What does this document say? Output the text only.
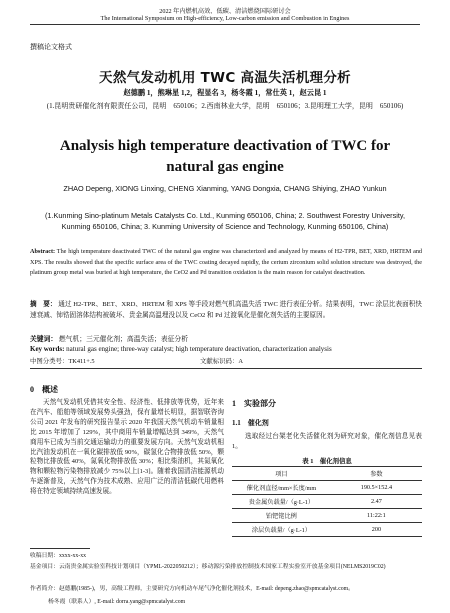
2022 年内燃机高效、低碳、清洁燃烧国际研讨会
The International Symposium on High-efficiency, Low-carbon emission and Combustion in Engines
撰稿论文格式
天然气发动机用 TWC 高温失活机理分析
赵德鹏 1，熊琳星 1,2，程显名 3，杨冬霞 1，常仕英 1，赵云昆 1
(1.昆明贵研催化剂有限责任公司，昆明　650106；2.西南林业大学，昆明　650106；3.昆明理工大学，昆明　650106)
Analysis high temperature deactivation of TWC for natural gas engine
ZHAO Depeng, XIONG Linxing, CHENG Xianming, YANG Dongxia, CHANG Shiying, ZHAO Yunkun
(1.Kunming Sino-platinum Metals Catalysts Co. Ltd., Kunming 650106, China; 2. Southwest Forestry University, Kunming 650106, China; 3. Kunming University of Science and Technology, Kunming 650106, China)
Abstract: The high temperature deactivated TWC of the natural gas engine was characterized and analyzed by means of H2-TPR, BET, XRD, HRTEM and XPS. The results showed that the specific surface area of the TWC coating decayed rapidly, the cerium zirconium solid solution structure was destroyed, the platinum group metal was buried at high temperature, the CeO2 and Pd transition oxidation is the main reason for catalyst deactivation.
摘　要： 通过 H2-TPR、BET、XRD、HRTEM 和 XPS 等手段对燃气机高温失活 TWC 进行表征分析。结果表明，TWC 涂层比表面积快速衰减、铈锆固溶体结构被破坏、贵金属高温埋没以及 CeO2 和 Pd 过渡氧化是催化剂失活的主要原因。
关键词： 燃气机；三元催化剂；高温失活；表征分析
Key words: natural gas engine; three-way catalyst; high temperature deactivation, characterization analysis
中图分类号：TK411+.5	文献标识码：A
0　概述
天然气发动机凭借其安全性、经济性、低排放等优势，近年来在汽车、船舶等领域发展势头强劲，保有量增长明显，据智联咨询公司 2021 年发布的研究报告显示 2020 年我国天然气机动车销量相比 2015 年增加了 129%，其中商用车销量增幅达到 349%，天然气商用车已成为当前交通运输动力的重要发展方向。天然气发动机相比汽油发动机在一氧化碳排放低 90%，碳氢化合物排放低 50%，颗粒物比排放低 40%，氮氧化物排放低 30%；相比柴油机，其氮氧化物和颗粒物污染物排放减少 75%以上[1-3]。随着我国清洁能源机动车逐渐普及，天然气作为技术成熟、应用广泛的清洁低碳代用燃料将在特定领域持续高速发展。
1　实验部分
1.1　催化剂
选取经过台架老化失活催化剂为研究对象，催化剂信息见表 1。
表 1　催化剂信息
项目	参数
催化剂直径/mm×长度/mm	190.5×152.4
贵金属负载量/（g·L-1）	2.47
铂钯铑比例	11:22:1
涂层负载量/（g·L-1）	200
收稿日期：xxxx-xx-xx
基金项目：云南贵金属实验室科技计划项目（YPML-2022050212）；移动源污染排放控制技术国家工程实验室开放基金项目(NELMS2019C02)
作者简介：赵德鹏(1985-)，男，高级工程师，主要研究方向机动车尾气净化催化剂技术，E-mail: depeng.zhao@spmcatalyst.com。
杨冬霞（联系人）, E-mail: dorra.yang@spmcatalyst.com
